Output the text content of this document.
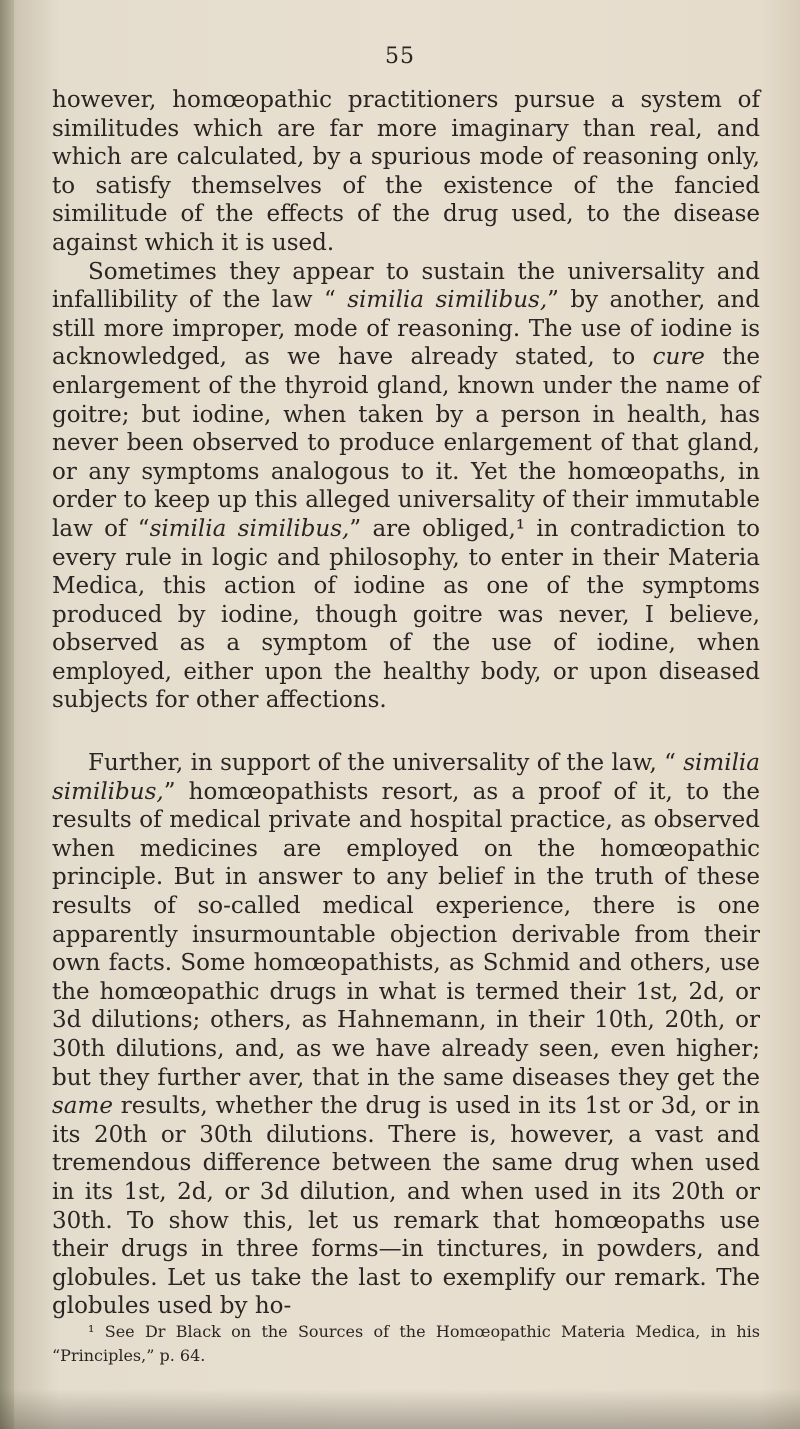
55

however, homœopathic practitioners pursue a system of similitudes which are far more imaginary than real, and which are calculated, by a spurious mode of reasoning only, to satisfy themselves of the existence of the fancied similitude of the effects of the drug used, to the disease against which it is used.

Sometimes they appear to sustain the universality and infallibility of the law “ similia similibus,” by another, and still more improper, mode of reasoning. The use of iodine is acknowledged, as we have already stated, to cure the enlargement of the thyroid gland, known under the name of goitre; but iodine, when taken by a person in health, has never been observed to produce enlargement of that gland, or any symptoms analogous to it. Yet the homœopaths, in order to keep up this alleged universality of their immutable law of “similia similibus,” are obliged,¹ in contradiction to every rule in logic and philosophy, to enter in their Materia Medica, this action of iodine as one of the symptoms produced by iodine, though goitre was never, I believe, observed as a symptom of the use of iodine, when employed, either upon the healthy body, or upon diseased subjects for other affections.

Further, in support of the universality of the law, “ similia similibus,” homœopathists resort, as a proof of it, to the results of medical private and hospital practice, as observed when medicines are employed on the homœopathic principle. But in answer to any belief in the truth of these results of so-called medical experience, there is one apparently insurmountable objection derivable from their own facts. Some homœopathists, as Schmid and others, use the homœopathic drugs in what is termed their 1st, 2d, or 3d dilutions; others, as Hahnemann, in their 10th, 20th, or 30th dilutions, and, as we have already seen, even higher; but they further aver, that in the same diseases they get the same results, whether the drug is used in its 1st or 3d, or in its 20th or 30th dilutions. There is, however, a vast and tremendous difference between the same drug when used in its 1st, 2d, or 3d dilution, and when used in its 20th or 30th. To show this, let us remark that homœopaths use their drugs in three forms—in tinctures, in powders, and globules. Let us take the last to exemplify our remark. The globules used by ho-

¹ See Dr Black on the Sources of the Homœopathic Materia Medica, in his “Principles,” p. 64.
